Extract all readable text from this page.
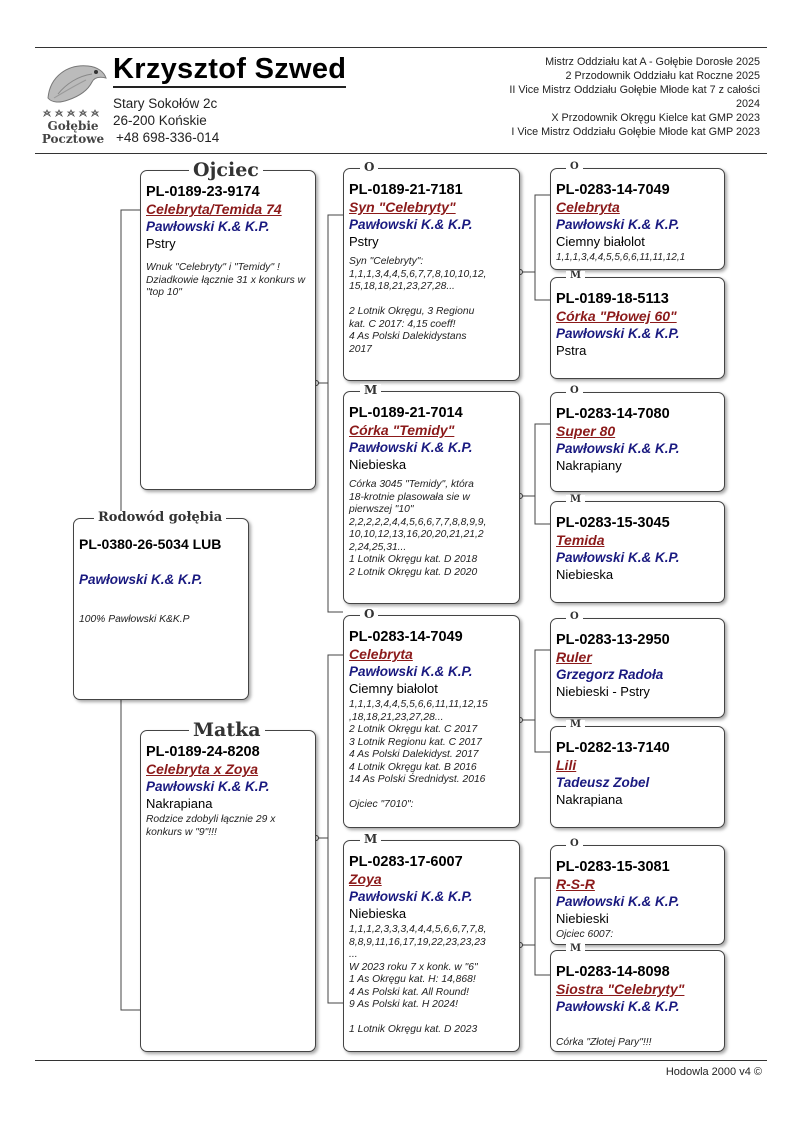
Gołębie
Pocztowe
Krzysztof Szwed
Stary Sokołów 2c
26-200 Końskie
+48 698-336-014
Mistrz Oddziału kat A - Gołębie Dorosłe 2025
2 Przodownik Oddziału kat Roczne 2025
II Vice Mistrz Oddziału Gołębie Młode kat 7 z całości 2024
X Przodownik Okręgu Kielce kat GMP 2023
I Vice Mistrz Oddziału Gołębie Młode kat GMP 2023
PL-0380-26-5034 LUB
Pawłowski K.& K.P.
100% Pawłowski K&K.P
Rodowód gołębia
PL-0189-23-9174
Celebryta/Temida 74
Pawłowski K.& K.P.
Pstry
Wnuk "Celebryty" i "Temidy" ! Dziadkowie łącznie 31 x konkurs w "top 10"
Ojciec
PL-0189-24-8208
Celebryta x Zoya
Pawłowski K.& K.P.
Nakrapiana
Rodzice zdobyli łącznie 29 x konkurs w "9"!!!
Matka
PL-0189-21-7181
Syn "Celebryty"
Pawłowski K.& K.P.
Pstry
Syn "Celebryty":
1,1,1,3,4,4,5,6,7,7,8,10,10,12,
15,18,18,21,23,27,28...

2 Lotnik Okręgu, 3 Regionu
kat. C 2017: 4,15 coeff!
4 As Polski Dalekidystans
2017
O
PL-0189-21-7014
Córka "Temidy"
Pawłowski K.& K.P.
Niebieska
Córka 3045 "Temidy", która
18-krotnie plasowała sie w
pierwszej "10"
2,2,2,2,2,4,4,5,6,6,7,7,8,8,9,9,
10,10,12,13,16,20,20,21,21,2
2,24,25,31...
1 Lotnik Okręgu kat. D 2018
2 Lotnik Okręgu kat. D 2020
M
PL-0283-14-7049
Celebryta
Pawłowski K.& K.P.
Ciemny białolot
1,1,1,3,4,4,5,5,6,6,11,11,12,15
,18,18,21,23,27,28...
2 Lotnik Okręgu kat. C 2017
3 Lotnik Regionu kat. C 2017
4 As Polski Dalekidyst. 2017
4 Lotnik Okręgu kat. B 2016
14 As Polski Średnidyst. 2016

Ojciec "7010":
O
PL-0283-17-6007
Zoya
Pawłowski K.& K.P.
Niebieska
1,1,1,2,3,3,3,4,4,4,5,6,6,7,7,8,
8,8,9,11,16,17,19,22,23,23,23
...
W 2023 roku 7 x konk. w "6"
1 As Okręgu kat. H: 14,868!
4 As Polski kat. All Round!
9 As Polski kat. H 2024!

1 Lotnik Okręgu kat. D 2023
M
PL-0283-14-7049
Celebryta
Pawłowski K.& K.P.
Ciemny białolot
1,1,1,3,4,4,5,5,6,6,11,11,12,1
O
PL-0189-18-5113
Córka "Płowej 60"
Pawłowski K.& K.P.
Pstra
M
PL-0283-14-7080
Super 80
Pawłowski K.& K.P.
Nakrapiany
O
PL-0283-15-3045
Temida
Pawłowski K.& K.P.
Niebieska
M
PL-0283-13-2950
Ruler
Grzegorz Radoła
Niebieski - Pstry
O
PL-0282-13-7140
Lili
Tadeusz Zobel
Nakrapiana
M
PL-0283-15-3081
R-S-R
Pawłowski K.& K.P.
Niebieski
Ojciec 6007:
O
PL-0283-14-8098
Siostra "Celebryty"
Pawłowski K.& K.P.
Córka "Złotej Pary"!!!
M
Hodowla 2000 v4 ©
